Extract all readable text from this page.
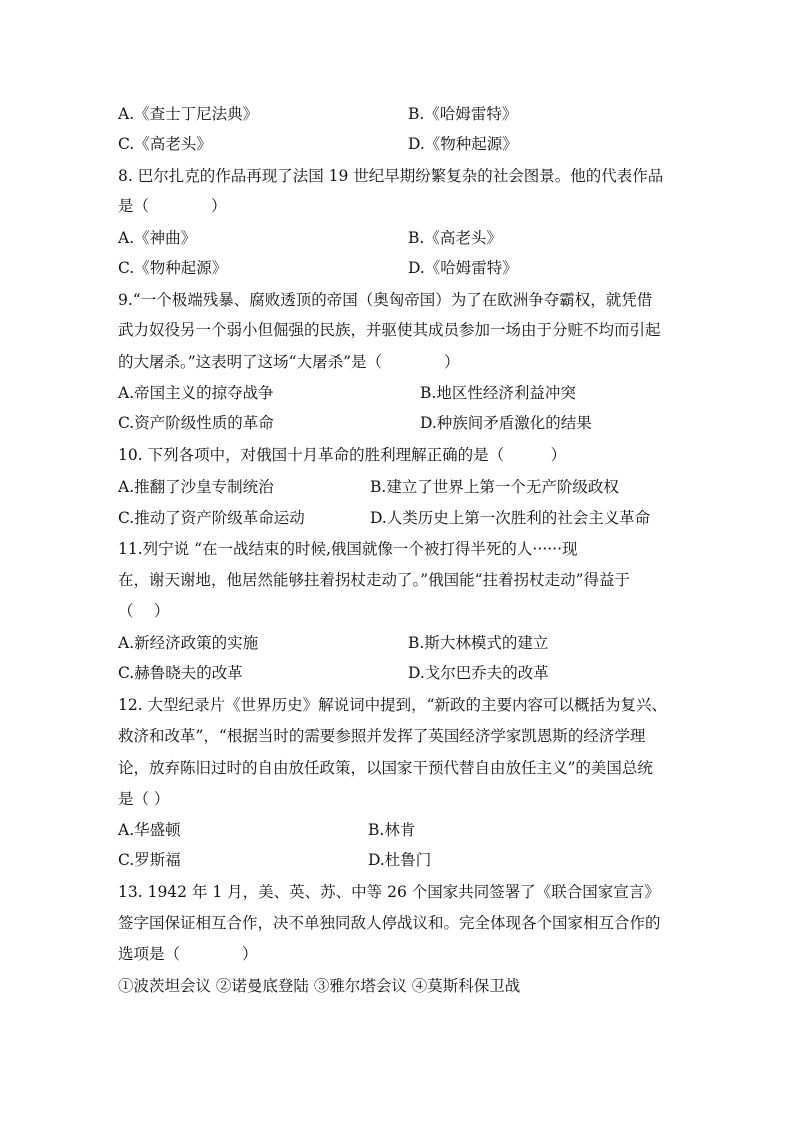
A.《查士丁尼法典》	B.《哈姆雷特》
C.《高老头》	D.《物种起源》
8. 巴尔扎克的作品再现了法国 19 世纪早期纷繁复杂的社会图景。他的代表作品
是（　　　　）
A.《神曲》	B.《高老头》
C.《物种起源》	D.《哈姆雷特》
9.“一个极端残暴、腐败透顶的帝国（奥匈帝国）为了在欧洲争夺霸权，就凭借
武力奴役另一个弱小但倔强的民族，并驱使其成员参加一场由于分赃不均而引起
的大屠杀。”这表明了这场“大屠杀”是（　　　　）
A.帝国主义的掠夺战争	B.地区性经济利益冲突
C.资产阶级性质的革命	D.种族间矛盾激化的结果
10. 下列各项中，对俄国十月革命的胜利理解正确的是（　　　）
A.推翻了沙皇专制统治	B.建立了世界上第一个无产阶级政权
C.推动了资产阶级革命运动	D.人类历史上第一次胜利的社会主义革命
11.列宁说 “在一战结束的时候,俄国就像一个被打得半死的人······现
在，谢天谢地，他居然能够拄着拐杖走动了。”俄国能“拄着拐杖走动”得益于
（　 ）
A.新经济政策的实施	B.斯大林模式的建立
C.赫鲁晓夫的改革	D.戈尔巴乔夫的改革
12. 大型纪录片《世界历史》解说词中提到，“新政的主要内容可以概括为复兴、
救济和改革”，“根据当时的需要参照并发挥了英国经济学家凯恩斯的经济学理
论，放弃陈旧过时的自由放任政策，以国家干预代替自由放任主义”的美国总统
是（ ）
A.华盛顿	B.林肯
C.罗斯福	D.杜鲁门
13. 1942 年 1 月，美、英、苏、中等 26 个国家共同签署了《联合国家宣言》
签字国保证相互合作，决不单独同敌人停战议和。完全体现各个国家相互合作的
选项是（　　　　）
①波茨坦会议 ②诺曼底登陆 ③雅尔塔会议 ④莫斯科保卫战
